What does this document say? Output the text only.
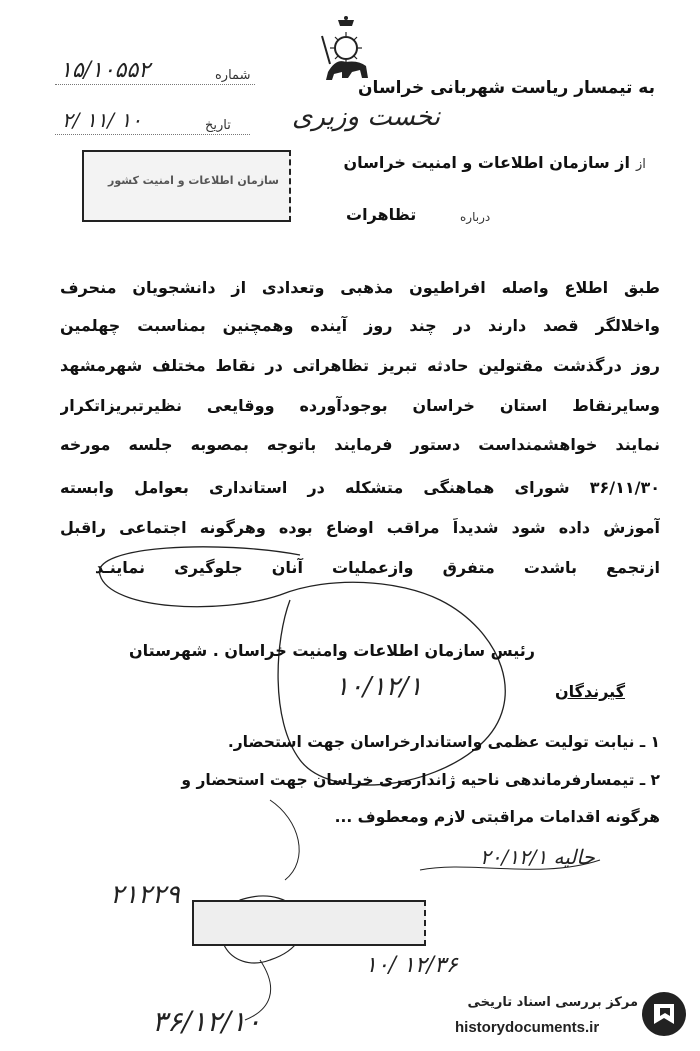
شماره
۱۵/۱۰۵۵۲
تاریخ
۲/ ۱۱/ ۱۰
به تیمسار ریاست شهربانی خراسان
نخست وزیری
سازمان اطلاعات و امنیت کشور
از
از سازمان اطلاعات و امنیت خراسان
درباره
تظاهرات
طبق اطلاع واصله افراطیون مذهبی وتعدادی از دانشجویان منحرف
واخلالگر قصد دارند در چند روز آینده وهمچنین بمناسبت چهلمین
روز درگذشت مقتولین حادثه تبریز تظاهراتی در نقاط مختلف شهرمشهد
وسایرنقاط استان خراسان بوجودآورده ووقایعی نظیرتبریزاتکرار
نمایند خواهشمنداست دستور فرمایند باتوجه بمصوبه جلسه مورخه
۳۶/۱۱/۳۰ شورای هماهنگی متشکله در استانداری بعوامل وابسته
آموزش داده شود شدیداً مراقب اوضاع بوده وهرگونه اجتماعی راقبل
ازتجمع باشدت متفرق وازعملیات آنان جلوگیری نماینـد
رئیس سازمان اطلاعات وامنیت خراسان . شهرستان
۱۰/۱۲/۱	گیرندگان
۱ ـ نیابت تولیت عظمی واستاندارخراسان جهت استحضار.
۲ ـ تیمسارفرماندهی ناحیه ژاندارمری خراسان جهت استحضار و
هرگونه اقدامات مراقبتی لازم ومعطوف ...
حالیه ۲۰/۱۲/۱
۲۱۲۲۹
۱۰/ ۱۲/۳۶
۳۶/۱۲/۱۰
مرکز بررسی اسناد تاریخی
historydocuments.ir
